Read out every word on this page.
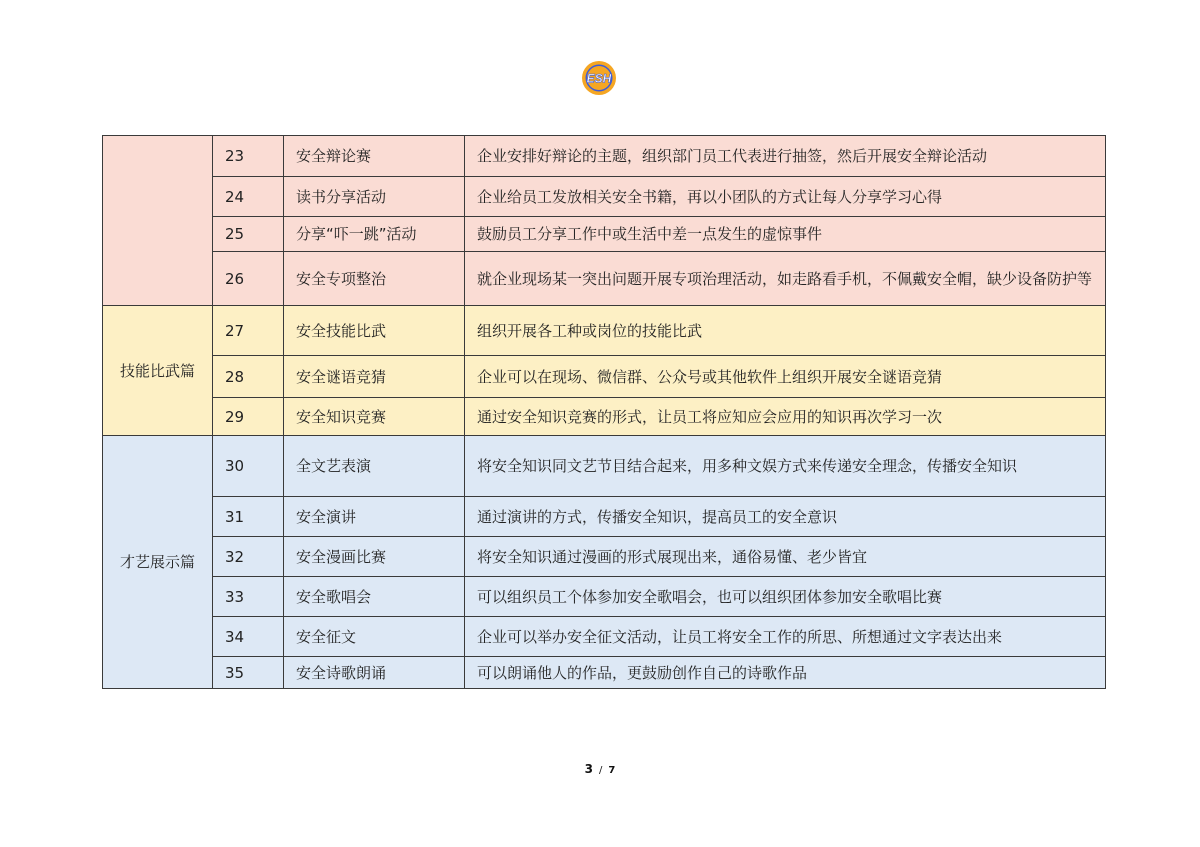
ESH
	23	安全辩论赛	企业安排好辩论的主题，组织部门员工代表进行抽签，然后开展安全辩论活动
	24	读书分享活动	企业给员工发放相关安全书籍，再以小团队的方式让每人分享学习心得
	25	分享“吓一跳”活动	鼓励员工分享工作中或生活中差一点发生的虚惊事件
	26	安全专项整治	就企业现场某一突出问题开展专项治理活动，如走路看手机，不佩戴安全帽，缺少设备防护等
技能比武篇	27	安全技能比武	组织开展各工种或岗位的技能比武
	28	安全谜语竞猜	企业可以在现场、微信群、公众号或其他软件上组织开展安全谜语竞猜
	29	安全知识竞赛	通过安全知识竞赛的形式，让员工将应知应会应用的知识再次学习一次
才艺展示篇	30	全文艺表演	将安全知识同文艺节目结合起来，用多种文娱方式来传递安全理念，传播安全知识
	31	安全演讲	通过演讲的方式，传播安全知识，提高员工的安全意识
	32	安全漫画比赛	将安全知识通过漫画的形式展现出来，通俗易懂、老少皆宜
	33	安全歌唱会	可以组织员工个体参加安全歌唱会，也可以组织团体参加安全歌唱比赛
	34	安全征文	企业可以举办安全征文活动，让员工将安全工作的所思、所想通过文字表达出来
	35	安全诗歌朗诵	可以朗诵他人的作品，更鼓励创作自己的诗歌作品
3 / 7
